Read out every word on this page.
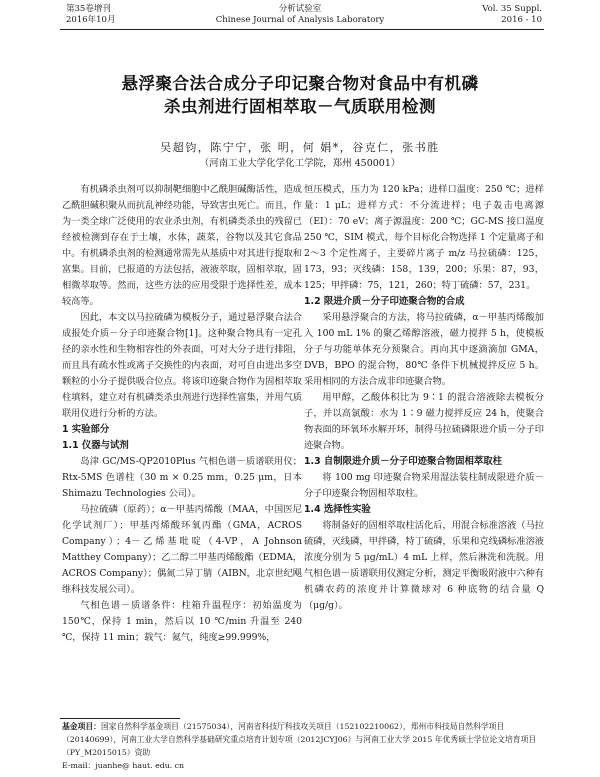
第35卷增刊
2016年10月
分析试验室
Chinese Journal of Analysis Laboratory
Vol. 35 Suppl.
2016 - 10
悬浮聚合法合成分子印记聚合物对食品中有机磷
杀虫剂进行固相萃取－气质联用检测
吴超钧，陈宁宁，张 明，何 娟*，谷克仁，张书胜
（河南工业大学化学化工学院，郑州 450001）

有机磷杀虫剂可以抑制靶细胞中乙酰胆碱酶活性，造成乙酰胆碱积聚从而抗乱神经功能，导致害虫死亡。而且，作为一类全球广泛使用的农业杀虫剂，有机磷类杀虫的残留已经被检测到存在于土壤，水体，蔬菜，谷物以及其它食品中。有机磷杀虫剂的检测通常需先从基质中对其进行提取和富集。目前，已报道的方法包括，液液萃取，固相萃取，固相微萃取等。然而，这些方法的应用受限于选择性差，成本较高等。

因此，本文以马拉硫磷为模板分子，通过悬浮聚合法合成报处介质－分子印迹聚合物[1]。这种聚合物具有一定孔径的亲水性和生物相容性的外表面，可对大分子进行排阻，而且具有疏水性或离子交换性的内表面，对可自由进出多空颗粒的小分子提供吸合位点。将该印迹聚合物作为固相萃取柱填料，建立对有机磷类杀虫剂进行选择性富集，并用气质联用仪进行分析的方法。

1 实验部分

1.1 仪器与试剂

岛津 GC/MS-QP2010Plus 气相色谱－质谱联用仪；Rtx-5MS 色谱柱（30 m × 0.25 mm，0.25 μm，日本 Shimazu Technologies 公司）。

马拉硫磷（原药）；α－甲基丙烯酸（MAA，中国医尼化学试剂厂）；甲基丙烯酸环氧丙酯（GMA，ACROS Company）；4－乙烯基吡啶（4-VP，A Johnson Matthey Company）；乙二醇二甲基丙烯酸酯（EDMA，ACROS Company）；偶氮二异丁腈（AIBN，北京世纪飓维科技发展公司）。

气相色谱－质谱条件：柱箱升温程序：初始温度为 150℃，保持 1 min，然后以 10 ℃/min 升温至 240 ℃，保持 11 min；载气：氦气，纯度≥99.999%，

恒压模式，压力为 120 kPa；进样口温度：250 ℃；进样量：1 μL；进样方式：不分流进样；电子轰击电离源（EI）：70 eV；离子源温度：200 ℃；GC-MS 接口温度 250 ℃，SIM 模式，每个目标化合物选择 1 个定量离子和 2～3 个定性离子，主要碎片离子 m/z 马拉硫磷：125，173，93；灭线磷：158，139，200；乐果：87，93，125；甲拌磷：75，121，260；特丁硫磷：57，231。

1.2 限进介质－分子印迹聚合物的合成

采用悬浮聚合的方法，将马拉硫磷，α－甲基丙烯酸加入 100 mL 1% 的聚乙烯醇溶液，磁力搅拌 5 h，使模板分子与功能单体充分预聚合。再向其中逐滴滴加 GMA，DVB，BPO 的混合物，80℃ 条件下机械搅拌反应 5 h。采用相同的方法合成非印迹聚合物。

用甲醇，乙酸体积比为 9∶1 的混合溶液除去模板分子，并以高氯酸：水为 1∶9 磁力搅拌反应 24 h，使聚合物表面的环氧环水解开环，制得马拉硫磷限进介质－分子印迹聚合物。

1.3 自制限进介质－分子印迹聚合物固相萃取柱

将 100 mg 印迹聚合物采用湿法装柱制成限进介质－分子印迹聚合物固相萃取柱。

1.4 选择性实验

将制备好的固相萃取柱活化后，用混合标准溶液（马拉硫磷，灭线磷，甲拌磷，特丁硫磷，乐果和克线磷标准溶液浓度分别为 5 μg/mL）4 mL 上样，然后淋洗和洗脱。用气相色谱－质谱联用仪测定分析，测定平衡吸附液中六种有机磷农药的浓度并计算微球对 6 种底物的结合量 Q（μg/g）。

基金项目：国家自然科学基金项目（21575034），河南省科技厅科技攻关项目（152102210062），郑州市科技局自然科学项目（20140699），河南工业大学自然科学基础研究重点培育计划专项（2012JCYJ06）与河南工业大学 2015 年优秀硕士学位论文培育项目（PY_M2015015）资助
E-mail：juanhe@ haut. edu. cn
